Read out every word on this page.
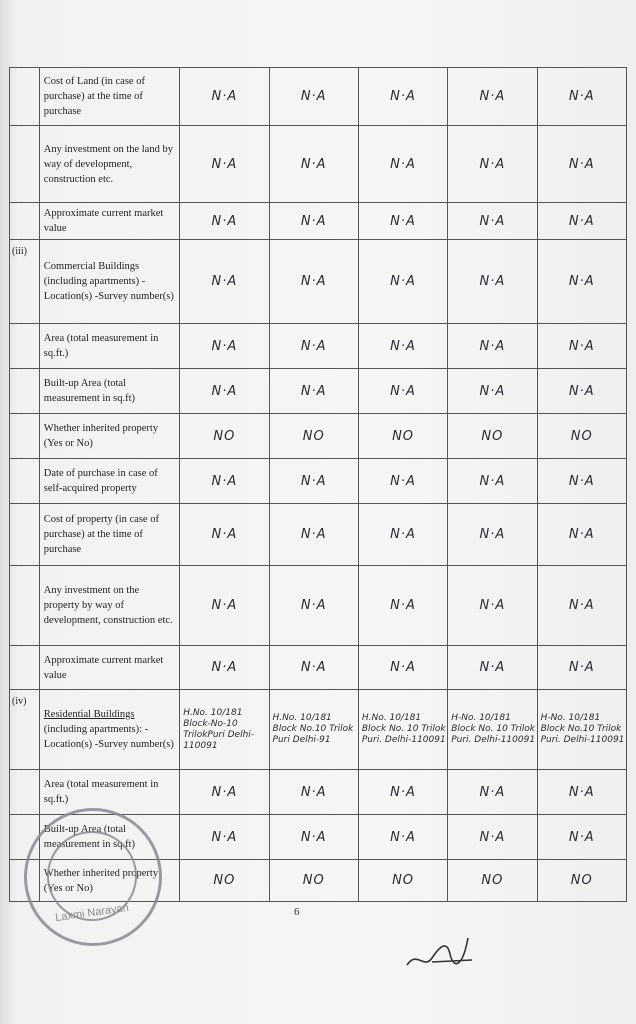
	Cost of Land (in case of purchase) at the time of purchase	N·A	N·A	N·A	N·A	N·A
	Any investment on the land by way of development, construction etc.	N·A	N·A	N·A	N·A	N·A
	Approximate current market value	N·A	N·A	N·A	N·A	N·A
(iii)	Commercial Buildings (including apartments) -Location(s) -Survey number(s)	N·A	N·A	N·A	N·A	N·A
	Area (total measurement in sq.ft.)	N·A	N·A	N·A	N·A	N·A
	Built-up Area (total measurement in sq.ft)	N·A	N·A	N·A	N·A	N·A
	Whether inherited property (Yes or No)	NO	NO	NO	NO	NO
	Date of purchase in case of self-acquired property	N·A	N·A	N·A	N·A	N·A
	Cost of property (in case of purchase) at the time of purchase	N·A	N·A	N·A	N·A	N·A
	Any investment on the property by way of development, construction etc.	N·A	N·A	N·A	N·A	N·A
	Approximate current market value	N·A	N·A	N·A	N·A	N·A
(iv)	Residential Buildings (including apartments): -Location(s) -Survey number(s)	H.No. 10/181 Block-No-10 TrilokPuri Delhi-110091	H.No. 10/181 Block No.10 Trilok Puri Delhi-91	H.No. 10/181 Block No. 10 Trilok Puri. Delhi-110091	H-No. 10/181 Block No. 10 Trilok Puri. Delhi-110091	H-No. 10/181 Block No.10 Trilok Puri. Delhi-110091
	Area (total measurement in sq.ft.)	N·A	N·A	N·A	N·A	N·A
	Built-up Area (total measurement in sq.ft)	N·A	N·A	N·A	N·A	N·A
	Whether inherited property (Yes or No)	NO	NO	NO	NO	NO
6
Laxmi Narayan
